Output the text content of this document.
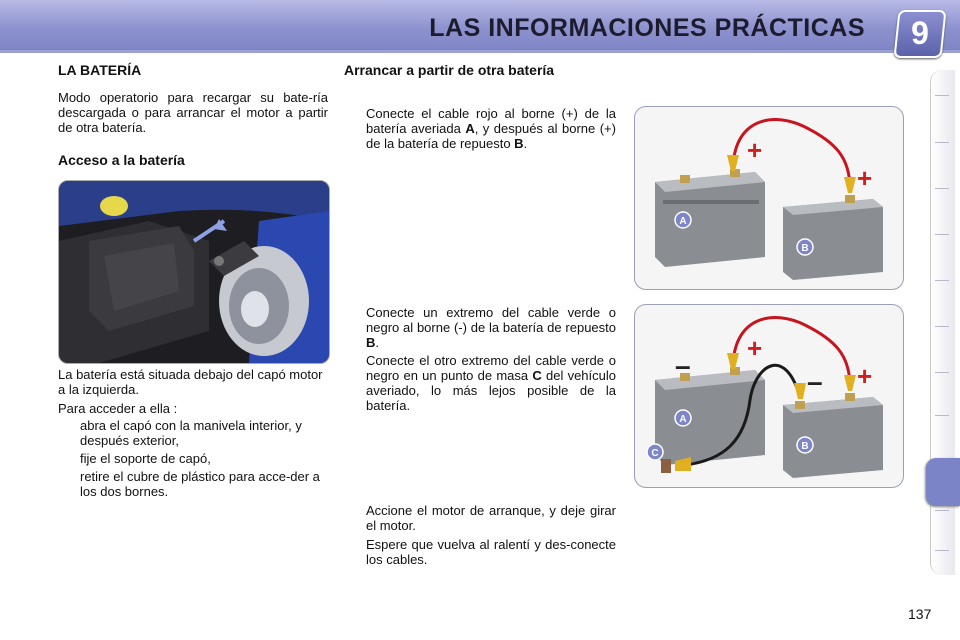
LAS INFORMACIONES PRÁCTICAS	9
LA BATERÍA

Modo operatorio para recargar su bate-ría descargada o para arrancar el motor a partir de otra batería.

Acceso a la batería

La batería está situada debajo del capó motor a la izquierda.

Para acceder a ella :

abra el capó con la manivela interior, y después exterior,
fije el soporte de capó,
retire el cubre de plástico para acce-der a los dos bornes.
Arrancar a partir de otra batería
Conecte el cable rojo al borne (+) de la batería averiada A, y después al borne (+) de la batería de repuesto B.
Conecte un extremo del cable verde o negro al borne (-) de la batería de repuesto B.
Conecte el otro extremo del cable verde o negro en un punto de masa C del vehículo averiado, lo más lejos posible de la batería.
Accione el motor de arranque, y deje girar el motor.
Espere que vuelva al ralentí y des-conecte los cables.
A
B
+
+
A
B
C
+
+
–
–
137
